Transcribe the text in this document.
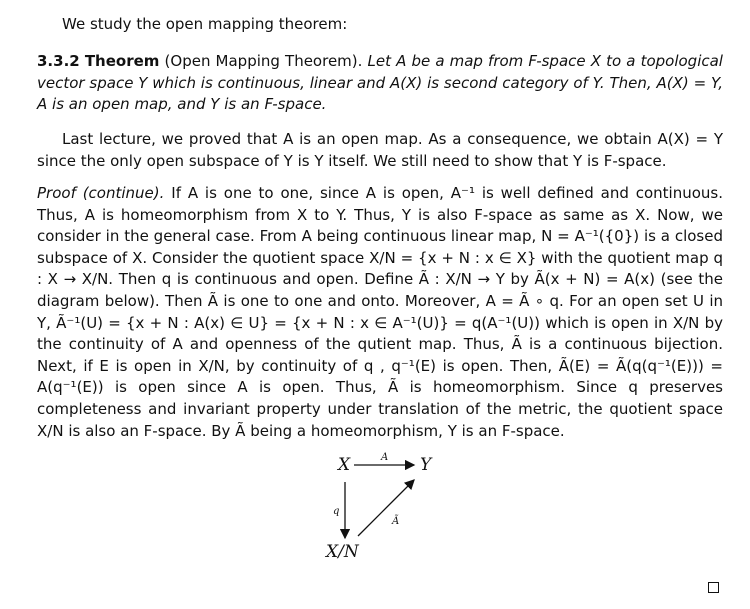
We study the open mapping theorem:
3.3.2 Theorem (Open Mapping Theorem). Let A be a map from F-space X to a topological vector space Y which is continuous, linear and A(X) is second category of Y. Then, A(X) = Y, A is an open map, and Y is an F-space.
Last lecture, we proved that A is an open map. As a consequence, we obtain A(X) = Y since the only open subspace of Y is Y itself. We still need to show that Y is F-space.
Proof (continue). If A is one to one, since A is open, A⁻¹ is well defined and continuous. Thus, A is homeomorphism from X to Y. Thus, Y is also F-space as same as X. Now, we consider in the general case. From A being continuous linear map, N = A⁻¹({0}) is a closed subspace of X. Consider the quotient space X/N = {x + N : x ∈ X} with the quotient map q : X → X/N. Then q is continuous and open. Define Ã : X/N → Y by Ã(x + N) = A(x) (see the diagram below). Then Ã is one to one and onto. Moreover, A = Ã ∘ q. For an open set U in Y, Ã⁻¹(U) = {x + N : A(x) ∈ U} = {x + N : x ∈ A⁻¹(U)} = q(A⁻¹(U)) which is open in X/N by the continuity of A and openness of the qutient map. Thus, Ã is a continuous bijection. Next, if E is open in X/N, by continuity of q , q⁻¹(E) is open. Then, Ã(E) = Ã(q(q⁻¹(E))) = A(q⁻¹(E)) is open since A is open. Thus, Ã is homeomorphism. Since q preserves completeness and invariant property under translation of the metric, the quotient space X/N is also an F-space. By Ã being a homeomorphism, Y is an F-space.
X	Y
X/N
A
q
Ã
